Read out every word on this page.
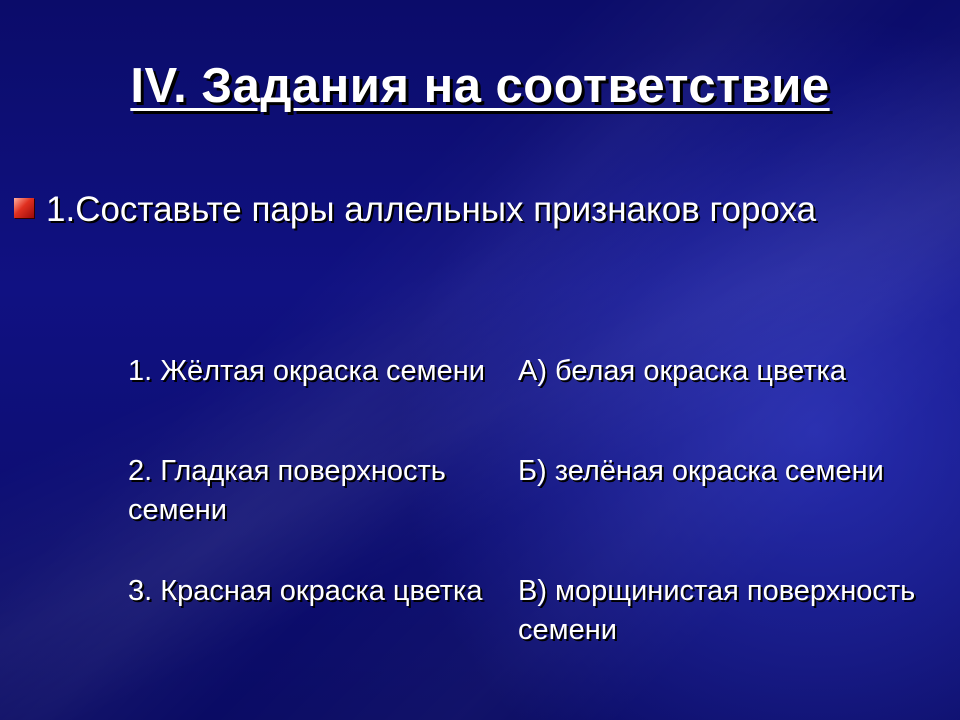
IV. Задания на соответствие
1.Составьте пары аллельных признаков гороха
1. Жёлтая окраска семени	А) белая окраска цветка
2. Гладкая поверхность семени
Б) зелёная окраска семени
3. Красная окраска цветка	В) морщинистая поверхность  семени
